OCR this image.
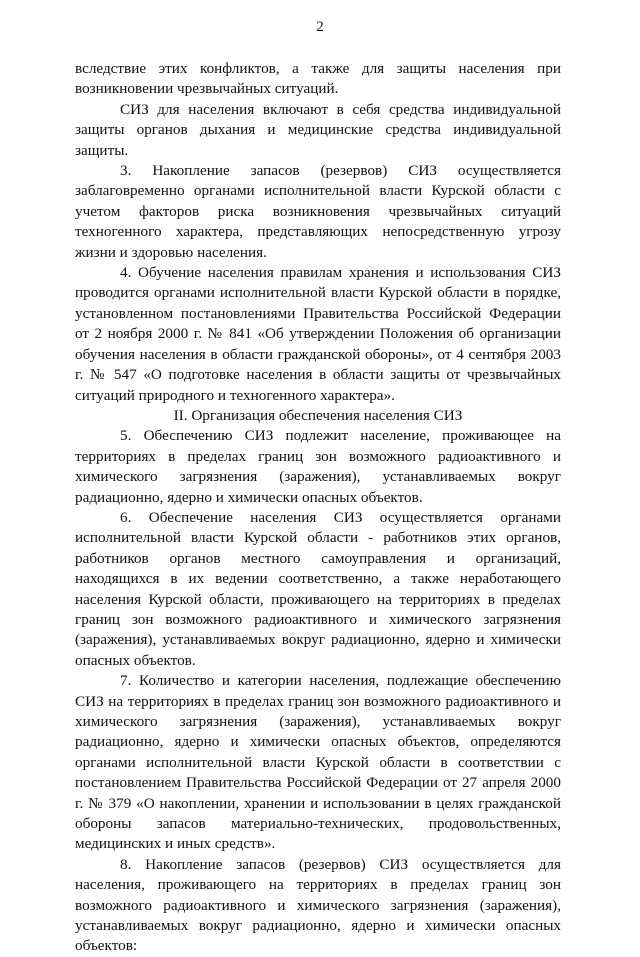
2

вследствие этих конфликтов, а также для защиты населения при возникновении чрезвычайных ситуаций.

СИЗ для населения включают в себя средства индивидуальной защиты органов дыхания и медицинские средства индивидуальной защиты.

3. Накопление запасов (резервов) СИЗ осуществляется заблаговременно органами исполнительной власти Курской области с учетом факторов риска возникновения чрезвычайных ситуаций техногенного характера, представляющих непосредственную угрозу жизни и здоровью населения.

4. Обучение населения правилам хранения и использования СИЗ проводится органами исполнительной власти Курской области в порядке, установленном постановлениями Правительства Российской Федерации от 2 ноября 2000 г. № 841 «Об утверждении Положения об организации обучения населения в области гражданской обороны», от 4 сентября 2003 г. № 547 «О подготовке населения в области защиты от чрезвычайных ситуаций природного и техногенного характера».

II. Организация обеспечения населения СИЗ

5. Обеспечению СИЗ подлежит население, проживающее на территориях в пределах границ зон возможного радиоактивного и химического загрязнения (заражения), устанавливаемых вокруг радиационно, ядерно и химически опасных объектов.

6. Обеспечение населения СИЗ осуществляется органами исполнительной власти Курской области - работников этих органов, работников органов местного самоуправления и организаций, находящихся в их ведении соответственно, а также неработающего населения Курской области, проживающего на территориях в пределах границ зон возможного радиоактивного и химического загрязнения (заражения), устанавливаемых вокруг радиационно, ядерно и химически опасных объектов.

7. Количество и категории населения, подлежащие обеспечению СИЗ на территориях в пределах границ зон возможного радиоактивного и химического загрязнения (заражения), устанавливаемых вокруг радиационно, ядерно и химически опасных объектов, определяются органами исполнительной власти Курской области в соответствии с постановлением Правительства Российской Федерации от 27 апреля 2000 г. № 379 «О накоплении, хранении и использовании в целях гражданской обороны запасов материально-технических, продовольственных, медицинских и иных средств».

8. Накопление запасов (резервов) СИЗ осуществляется для населения, проживающего на территориях в пределах границ зон возможного радиоактивного и химического загрязнения (заражения), устанавливаемых вокруг радиационно, ядерно и химически опасных объектов:
